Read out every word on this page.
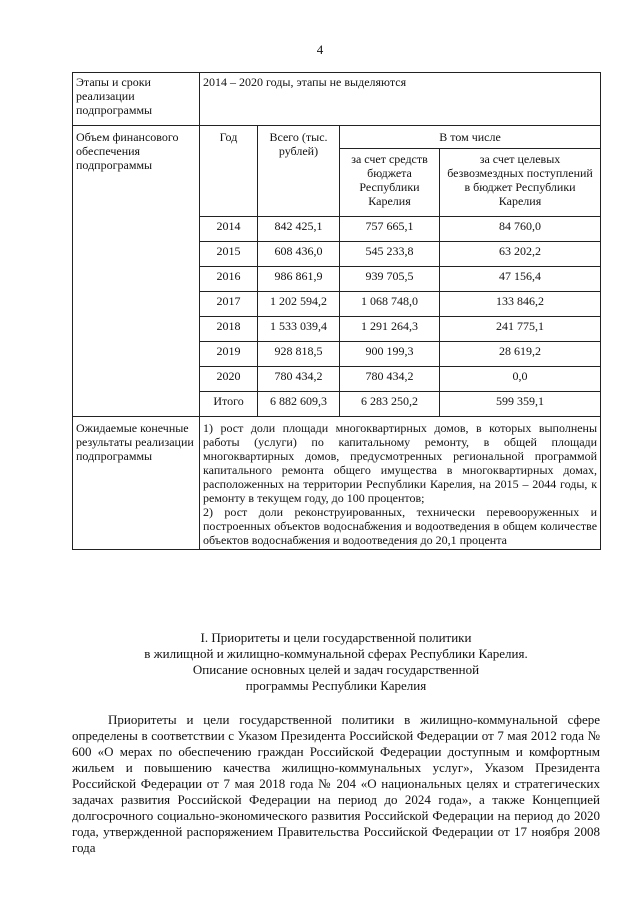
4
Этапы и сроки реализации подпрограммы	2014 – 2020 годы, этапы не выделяются			
Объем финансового обеспечения подпрограммы	Год	Всего (тыс. рублей)	В том числе	
			за счет средств бюджета Республики Карелия	за счет целевых безвозмездных поступлений в бюджет Республики Карелия
	2014	842 425,1	757 665,1	84 760,0
	2015	608 436,0	545 233,8	63 202,2
	2016	986 861,9	939 705,5	47 156,4
	2017	1 202 594,2	1 068 748,0	133 846,2
	2018	1 533 039,4	1 291 264,3	241 775,1
	2019	928 818,5	900 199,3	28 619,2
	2020	780 434,2	780 434,2	0,0
	Итого	6 882 609,3	6 283 250,2	599 359,1
Ожидаемые конечные результаты реализации подпрограммы	1) рост доли площади многоквартирных домов, в которых выполнены работы (услуги) по капитальному ремонту, в общей площади многоквартирных домов, предусмотренных региональной программой капитального ремонта общего имущества в многоквартирных домах, расположенных на территории Республики Карелия, на 2015 – 2044 годы, к ремонту в текущем году, до 100 процентов;
2) рост доли реконструированных, технически перевооруженных и построенных объектов водоснабжения и водоотведения в общем количестве объектов водоснабжения и водоотведения до 20,1 процента			
I. Приоритеты и цели государственной политики
в жилищной и жилищно-коммунальной сферах Республики Карелия.
Описание основных целей и задач государственной
программы Республики Карелия

Приоритеты и цели государственной политики в жилищно-коммунальной сфере определены в соответствии с Указом Президента Российской Федерации от 7 мая 2012 года № 600 «О мерах по обеспечению граждан Российской Федерации доступным и комфортным жильем и повышению качества жилищно-коммунальных услуг», Указом Президента Российской Федерации от 7 мая 2018 года № 204 «О национальных целях и стратегических задачах развития Российской Федерации на период до 2024 года», а также Концепцией долгосрочного социально-экономического развития Российской Федерации на период до 2020 года, утвержденной распоряжением Правительства Российской Федерации от 17 ноября 2008 года
